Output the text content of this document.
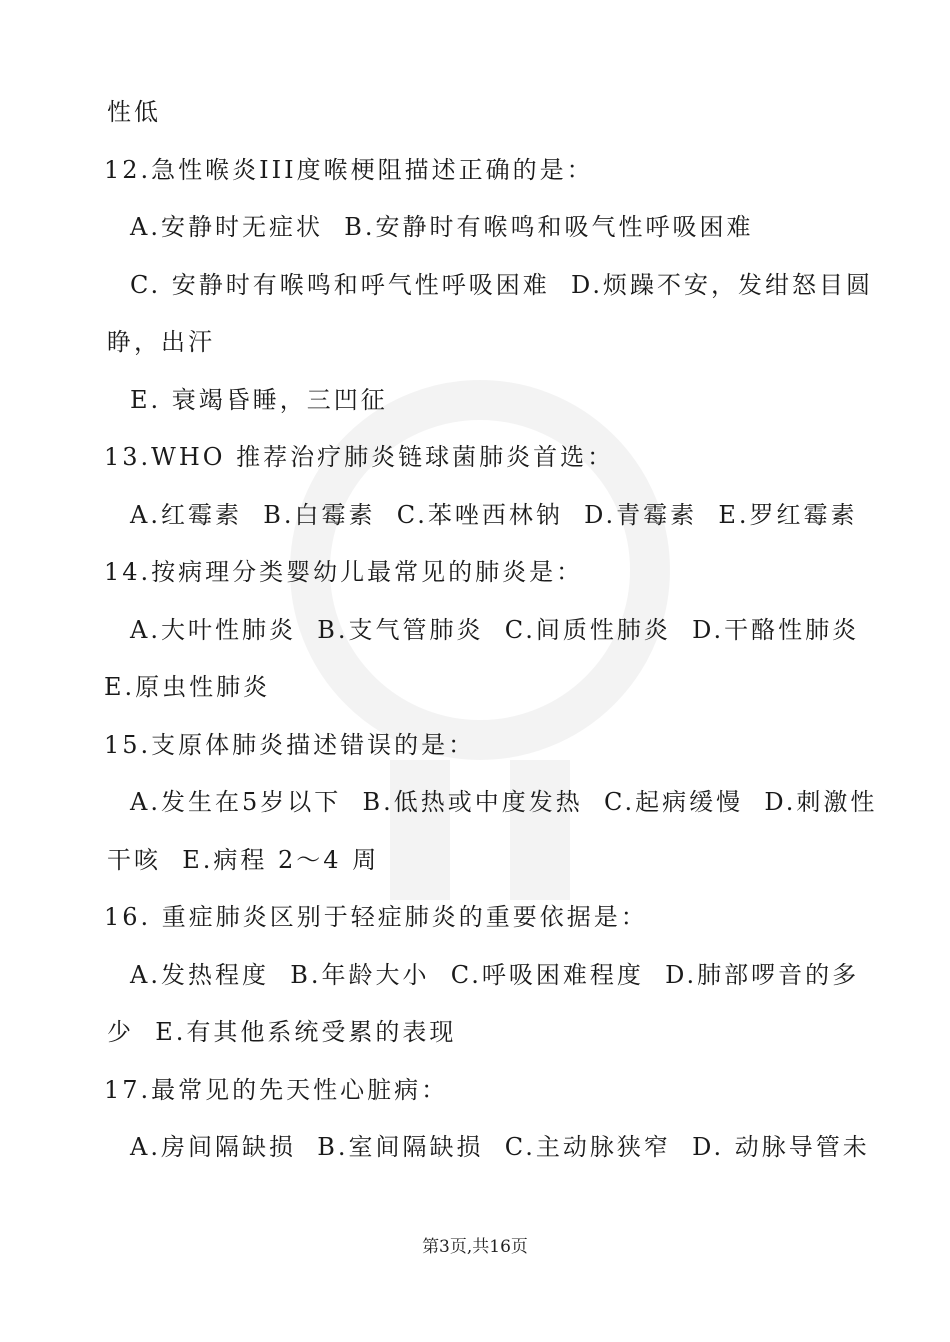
性低
12.急性喉炎III度喉梗阻描述正确的是：
A.安静时无症状  B.安静时有喉鸣和吸气性呼吸困难
C. 安静时有喉鸣和呼气性呼吸困难  D.烦躁不安，发绀怒目圆
睁，出汗
E. 衰竭昏睡，三凹征
13.WHO 推荐治疗肺炎链球菌肺炎首选：
A.红霉素  B.白霉素  C.苯唑西林钠  D.青霉素  E.罗红霉素
14.按病理分类婴幼儿最常见的肺炎是：
A.大叶性肺炎  B.支气管肺炎  C.间质性肺炎  D.干酪性肺炎
E.原虫性肺炎
15.支原体肺炎描述错误的是：
A.发生在5岁以下  B.低热或中度发热  C.起病缓慢  D.刺激性
干咳  E.病程 2～4 周
16. 重症肺炎区别于轻症肺炎的重要依据是：
A.发热程度  B.年龄大小  C.呼吸困难程度  D.肺部啰音的多
少  E.有其他系统受累的表现
17.最常见的先天性心脏病：
A.房间隔缺损  B.室间隔缺损  C.主动脉狭窄  D. 动脉导管未
第3页,共16页
